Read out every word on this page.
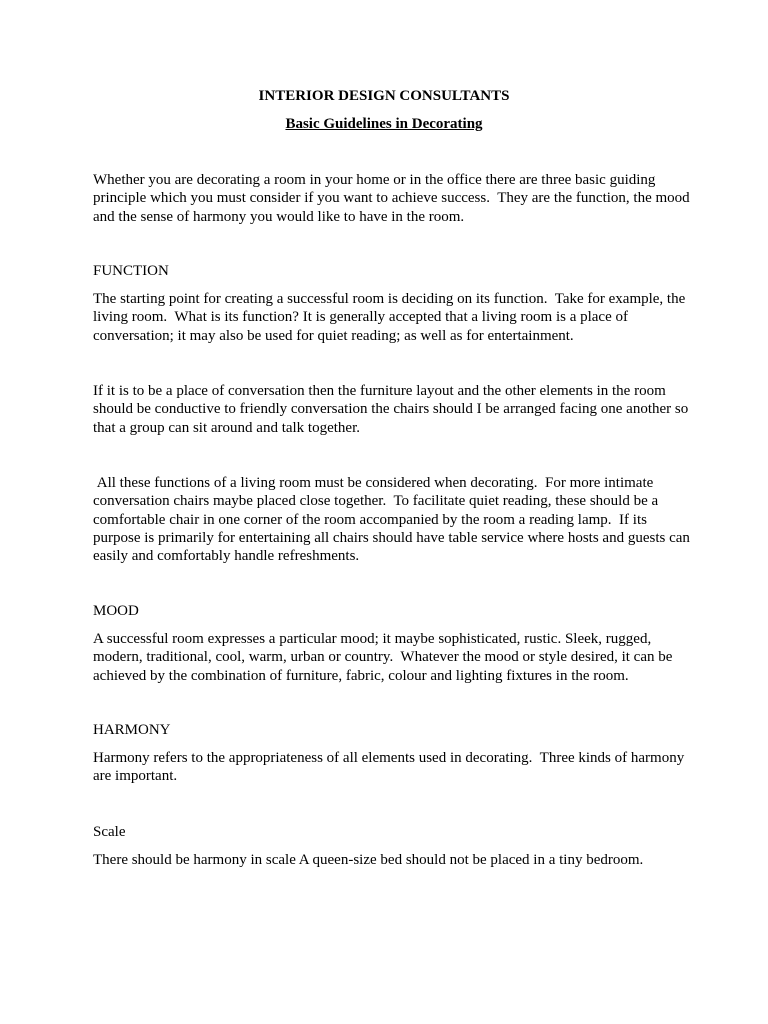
INTERIOR DESIGN CONSULTANTS

Basic Guidelines in Decorating

Whether you are decorating a room in your home or in the office there are three basic guiding principle which you must consider if you want to achieve success.  They are the function, the mood and the sense of harmony you would like to have in the room.

FUNCTION

The starting point for creating a successful room is deciding on its function.  Take for example, the living room.  What is its function? It is generally accepted that a living room is a place of conversation; it may also be used for quiet reading; as well as for entertainment.

If it is to be a place of conversation then the furniture layout and the other elements in the room should be conductive to friendly conversation the chairs should I be arranged facing one another so that a group can sit around and talk together.

All these functions of a living room must be considered when decorating.  For more intimate conversation chairs maybe placed close together.  To facilitate quiet reading, these should be a comfortable chair in one corner of the room accompanied by the room a reading lamp.  If its purpose is primarily for entertaining all chairs should have table service where hosts and guests can easily and comfortably handle refreshments.

MOOD

A successful room expresses a particular mood; it maybe sophisticated, rustic. Sleek, rugged, modern, traditional, cool, warm, urban or country.  Whatever the mood or style desired, it can be achieved by the combination of furniture, fabric, colour and lighting fixtures in the room.

HARMONY

Harmony refers to the appropriateness of all elements used in decorating.  Three kinds of harmony are important.

Scale

There should be harmony in scale A queen-size bed should not be placed in a tiny bedroom.
